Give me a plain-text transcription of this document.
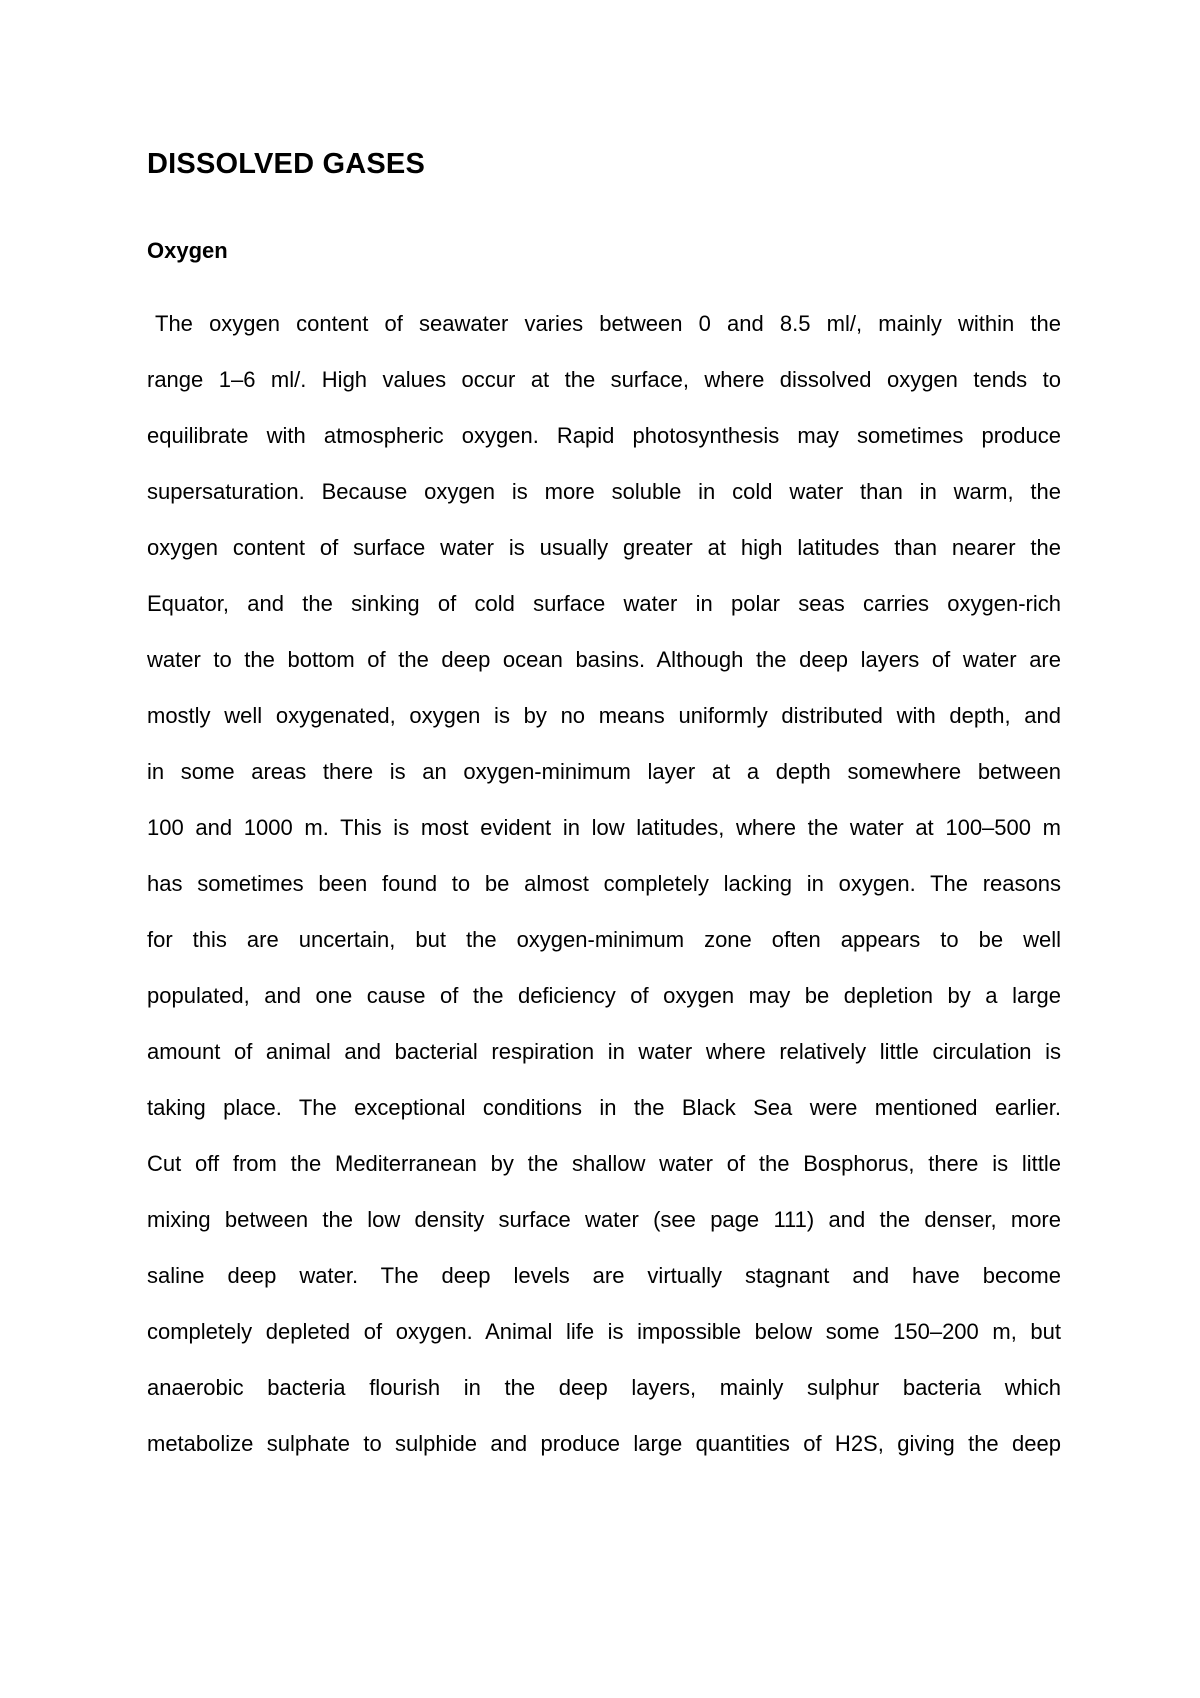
DISSOLVED GASES
Oxygen
The oxygen content of seawater varies between 0 and 8.5 ml/, mainly within the
range 1–6 ml/. High values occur at the surface, where dissolved oxygen tends to
equilibrate with atmospheric oxygen. Rapid photosynthesis may sometimes produce
supersaturation. Because oxygen is more soluble in cold water than in warm, the
oxygen content of surface water is usually greater at high latitudes than nearer the
Equator, and the sinking of cold surface water in polar seas carries oxygen-rich
water to the bottom of the deep ocean basins. Although the deep layers of water are
mostly well oxygenated, oxygen is by no means uniformly distributed with depth, and
in some areas there is an oxygen-minimum layer at a depth somewhere between
100 and 1000 m. This is most evident in low latitudes, where the water at 100–500 m
has sometimes been found to be almost completely lacking in oxygen. The reasons
for this are uncertain, but the oxygen-minimum zone often appears to be well
populated, and one cause of the deficiency of oxygen may be depletion by a large
amount of animal and bacterial respiration in water where relatively little circulation is
taking place. The exceptional conditions in the Black Sea were mentioned earlier.
Cut off from the Mediterranean by the shallow water of the Bosphorus, there is little
mixing between the low density surface water (see page 111) and the denser, more
saline deep water. The deep levels are virtually stagnant and have become
completely depleted of oxygen. Animal life is impossible below some 150–200 m, but
anaerobic bacteria flourish in the deep layers, mainly sulphur bacteria which
metabolize sulphate to sulphide and produce large quantities of H2S, giving the deep
